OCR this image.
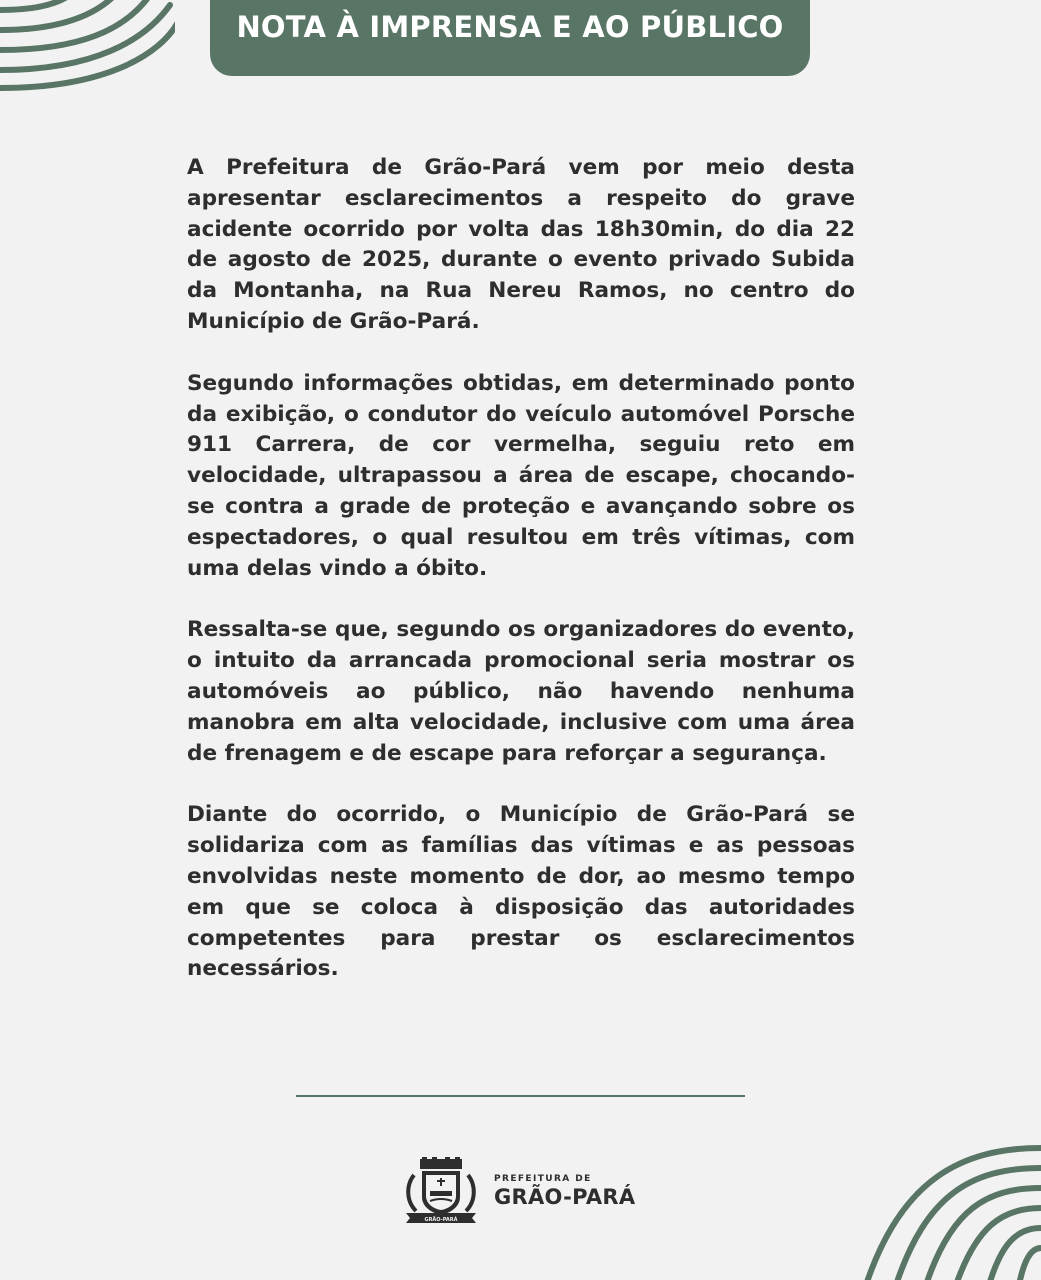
NOTA À IMPRENSA E AO PÚBLICO

A Prefeitura de Grão-Pará vem por meio desta apresentar esclarecimentos a respeito do grave acidente ocorrido por volta das 18h30min, do dia 22 de agosto de 2025, durante o evento privado Subida da Montanha, na Rua Nereu Ramos, no centro do Município de Grão-Pará.

Segundo informações obtidas, em determinado ponto da exibição, o condutor do veículo automóvel Porsche 911 Carrera, de cor vermelha, seguiu reto em velocidade, ultrapassou a área de escape, chocando-se contra a grade de proteção e avançando sobre os espectadores, o qual resultou em três vítimas, com uma delas vindo a óbito.

Ressalta-se que, segundo os organizadores do evento, o intuito da arrancada promocional seria mostrar os automóveis ao público, não havendo nenhuma manobra em alta velocidade, inclusive com uma área de frenagem e de escape para reforçar a segurança.

Diante do ocorrido, o Município de Grão-Pará se solidariza com as famílias das vítimas e as pessoas envolvidas neste momento de dor, ao mesmo tempo em que se coloca à disposição das autoridades competentes para prestar os esclarecimentos necessários.

GRÃO-PARÁ
PREFEITURA DE
GRÃO-PARÁ
